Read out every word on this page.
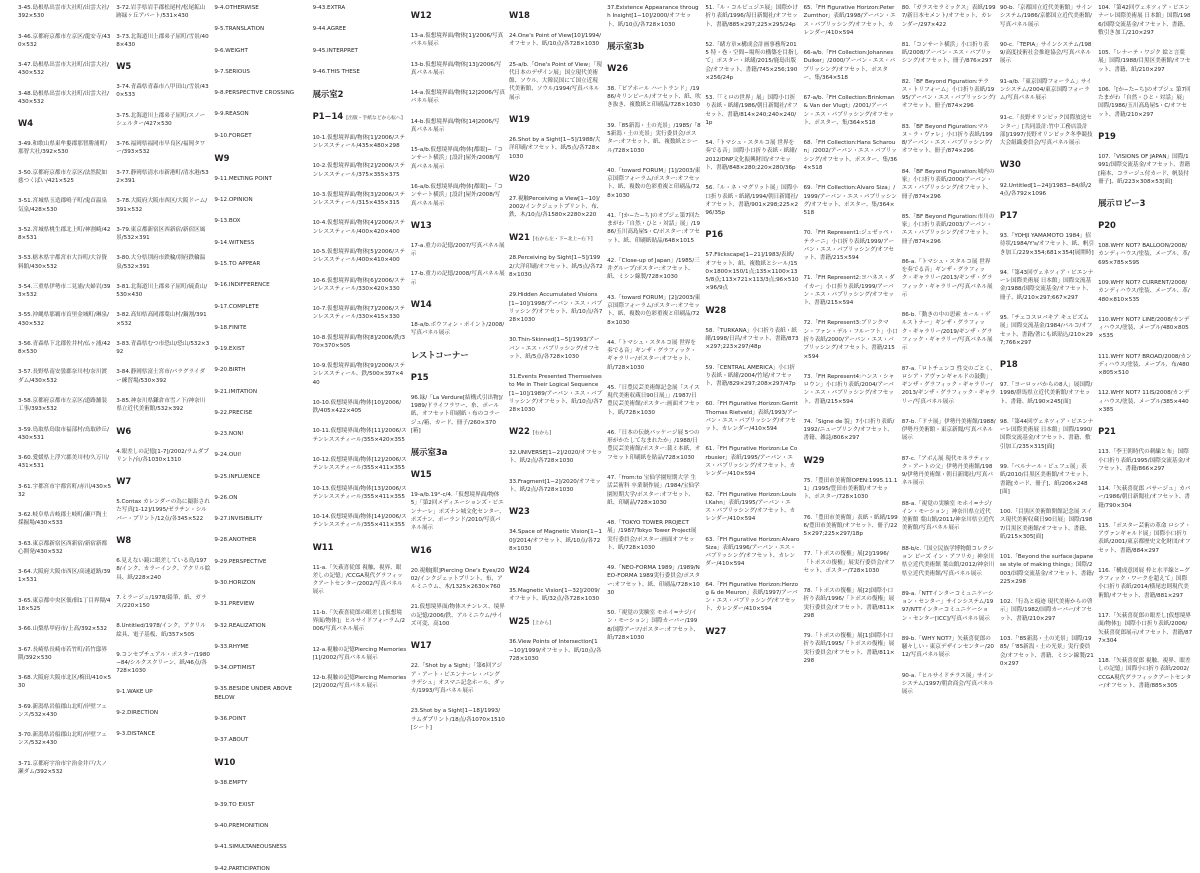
3-45.島根県出雲市大社町/出雲大社/392×530
3-46.京都府京都市左京区/龍安寺/430×532
3-47.島根県出雲市大社町/出雲大社/430×532
3-48.島根県出雲市大社町/出雲大社/430×532
W4
3-49.和歌山県東牟婁郡那智勝浦町/那智大社/392×530
3-50.京都府京都市左京区/法然院如慈つくばい/421×525
3-51.宮城県玉造郡鳴子町/鬼首温泉気泉/428×530
3-52.宮城県桃生郡北上町/神割崎/428×531
3-53.栃木県宇都宮市大谷町/大谷資料館/430×532
3-54.三重県伊勢市二見浦/夫婦岩/393×532
3-55.沖縄県那覇市首里金城町/琳泉/430×532
3-56.青森県下北郡佐井村/仏ヶ浦/428×530
3-57.長野県南安曇郡奈川村/奈川渡ダム/430×532
3-58.京都府京都市左京区/道路舗装工事/393×532
3-59.鳥取県鳥取市福部村/鳥取砂丘/430×531
3-60.愛媛県上浮穴郡美川村/久万川/431×531
3-61.宇都宮市宇都宮町/赤川/430×532
3-62.岐阜県吉岐郡土岐町/瀬戸陶土採掘場/430×533
3-63.東京都新宿区西新宿/新宿新都心開発/430×532
3-64.大阪府大阪市西区/高速道路/391×531
3-65.東京都中央区佃/佃1丁目界隈/418×525
3-66.山梨県甲府市/上高/392×532
3-67.長崎県長崎市若竹町/若竹邸界隈/392×530
3-68.大阪府大阪市北区/梅田/410×530
3-69.新潟県岩船郡山北町/岸壁フェンス/532×430
3-70.新潟県岩船郡山北町/岸壁フェンス/532×430
3-71.京都府宇治市宇治金井戸/大ノ瀬ダム/392×532
3-72.岩手県岩手郡松尾村/松尾鉱山跡緑ヶ丘アパート/531×430
3-73.北海道川上郡弟子屈町/雪景/408×430
W5
3-74.青森県青森市八甲田山/雪景/430×533
3-75.北海道川上郡弟子屈町/スノーシェルター/427×530
3-76.福岡県福岡市早良区/福岡タワー/393×532
3-77.静岡県清水市新港町/清水港/532×391
3-78.大阪府大阪市西区/大阪ドーム/391×532
3-79.東京都新宿区西新宿/新宿区風景/532×391
3-80.大分県別府市鉄輪/別府鉄輪温泉/532×391
3-81.北海道川上郡弟子屈町/硫黄山/530×430
3-82.高知県高岡郡葉山村/鍋割/391×532
3-83.青森県むつ市恐山/恐山/532×392
3-84.静岡県富士宮市/パラグライダー練習場/530×392
3-85.神奈川県鎌倉市雪ノ下/神奈川県立近代美術館/532×392
W6
4.眼差しの記憶[1-7]/2002/ラムダプリント/台/各1030×1310
W7
5.Contax カレンダーの為に撮影された写真[1-12]/1995/ゼラチン・シルバー・プリント/12点/各345×522
W8
6.見えない鏡に眼差している鳥/1978/インク、カラーインク、アクリル絵具、紙/228×240
7.ミラージュ/1978/鉛筆、紙、ガラス/220×150
8.Untitled/1978/インク、アクリル絵具、電子基板、紙/357×505
9.コンセプチュアル・ポスター/1980−84/シルクスクリーン、紙/46点/各728×1030
9-1.WAKE UP
9-2.DIRECTION
9-3.DISTANCE
9-4.OTHERWISE
9-5.TRANSLATION
9-6.WEIGHT
9-7.SERIOUS
9-8.PERSPECTIVE CROSSING
9-9.REASON
9-10.FORGET
W9
9-11.MELTING POINT
9-12.OPINION
9-13.BOX
9-14.WITNESS
9-15.TO APPEAR
9-16.INDIFFERENCE
9-17.COMPLETE
9-18.FINITE
9-19.EXIST
9-20.BIRTH
9-21.IMITATION
9-22.PRECISE
9-23.NON!
9-24.OUI!
9-25.INFLUENCE
9-26.ON
9-27.INVISIBILITY
9-28.ANOTHER
9-29.PERSPECTIVE
9-30.HORIZON
9-31.PREVIEW
9-32.REALIZATION
9-33.RHYME
9-34.OPTIMIST
9-35.BESIDE UNDER ABOVE BELOW
9-36.POINT
9-37.ABOUT
W10
9-38.EMPTY
9-39.TO EXIST
9-40.PREMONITION
9-41.SIMULTANEOUSNESS
9-42.PARTICIPATION
9-43.EXTRA
9-44.AGREE
9-45.INTERPRET
9-46.THIS THESE
展示室2
P1−14 [出版・手紙などから転へ]
10-1.仮想境界面/物体[1]/2006/ステンレススティール/435×480×298
10-2.仮想境界面/物体[2]/2006/ステンレススティール/375×355×375
10-3.仮想境界面/物体[3]/2006/ステンレススティール/315×435×315
10-4.仮想境界面/物体[4]/2006/ステンレススティール/400×420×400
10-5.仮想境界面/物体[5]/2006/ステンレススティール/400×410×400
10-6.仮想境界面/物体[6]/2006/ステンレススティール/330×420×330
10-7.仮想境界面/物体[7]/2006/ステンレススティール/330×415×330
10-8.仮想境界面/物体[8]/2006/鉄/370×370×505
10-9.仮想境界面/物体[9]/2006/ステンレススティール、鉄/500×397×440
10-10.仮想境界面/物体[10]/2006/鉄/405×422×405
10-11.仮想境界面/物体[11]/2006/ステンレススティール/355×420×355
10-12.仮想境界面/物体[12]/2006/ステンレススティール/355×411×355
10-13.仮想境界面/物体[13]/2006/ステンレススティール/355×411×355
10-14.仮想境界面/物体[14]/2006/ステンレススティール/355×411×355
W11
11-a.「矢萩喜従郎 視触、視界、眼差しの記憶」/CCGA現代グラフィックアートセンター/2002/写真パネル展示
11-b.「矢萩喜従郎の眼差し[仮想境界面/物体]」ヒルサイドフォーラム/2006/写真パネル展示
12-a.視触の記憶Piercing Memories[1]/2002/写真パネル展示
12-b.視触の記憶Piercing Memories[2]/2002/写真パネル展示
W12
13-a.仮想境界面/物体[1]/2006/写真パネル展示
13-b.仮想境界面/物体[13]/2006/写真パネル展示
14-a.仮想境界面/物体[12]2006/写真パネル展示
14-b.仮想境界面/物体[14]2006/写真パネル展示
15-a/b.仮想境界面/物体[都眼]−「コンサート横浜」[設計]屋外/2008/写真パネル展示
16-a/b.仮想境界面/物体[都眼]−「コンサート横浜」[設計]屋外/2008/写真パネル展示
W13
17-a.重力の記憶/2007/写真パネル展示
17-b.重力の記憶/2008/写真パネル展示
W14
18-a/b.ボウフォン・ポイント/2008/写真パネル展示
レストコーナー
P15
96.緑/「La Verdure[結構式引出物]/1989/ドライフラワー、糸、ポール紙、オフセット印刷紙・布のコラージュ/箱、カード、冊子/260×370[箱]
展示室3a
W15
19-a/b.19°-c/4.「仮想境界面/物体5」「第2回メディエーションズ・ビエンナーレ」ポズナン城文化センター、ポズナン、ポーランド/2010/写真パネル展示
W16
20.視触[眼]Piercing One's Eyes/2002/インクジェットプリント、布、アルミニウム、木/1325×2630×760
21.仮想境界面/物体ステンレス、境界の記憶/2006/鉄、アルミニウム/サイズ可変、高100
W17
22.「Shot by a Sight」「第6回アジア・アート・ビエンナーレ・バングラデシュ」オスマニ記念ホール、ダッカ/1993/写真パネル展示
23.Shot by a Sight[1−18]/1993/ラムダプリント/18点/各1070×1510[シート]
W18
24.One's Point of View[10]/1994/オフセット、紙/10点/各728×1030
25-a/b.「One's Point of View」「現代日本のデザイン展」国立現代美術館、ソウル、大韓民国にて国立近現代美術館、ソウル/1994/写真パネル展示
W19
26.Shot by a Sight[1−5]/1988/大洋印刷/オフセット、紙/5点/各728×1030
W20
27.視触Perceiving a View[1−10]/2002/インクジェットプリント、布、鉄、木/10点/各1580×2280×220
W21 [右から左・下−北上−右下]
28.Perceiving by Sight[1−5]/1992/大洋印刷/オフセット、紙/5点/各728×1030
29.Hidden Accumulated Visions[1−10]/1998/アーバン・エス・パブリッシング/オフセット、紙/10点/各728×1030
30.Thin-Skinned[1−5]/1993/アーバン・エス・パブリッシング/オフセット、紙/5点/各728×1030
31.Events Presented Themselves to Me in Their Logical Sequence[1−10]/1989/アーバン・エス・パブリッシング/オフセット、紙/10点/各728×1030
W22 [右から]
32.UNIVERSE[1−2]/2020/オフセット、紙/2点/各728×1030
33.Fragment[1−2]/2020/オフセット、紙/2点/各728×1030
W23
34.Space of Magnetic Vision[1−10]/2014/オフセット、紙/10点/各728×1030
W24
35.Magnetic Vision[1−32]/2009/オフセット、紙/32点/各728×1030
W25 [上から]
36.View Points of Intersection[1−10]/1999/オフセット、紙/10点/各728×1030
37.Existence Appearance through Insight[1−10]/2000/オフセット、紙/10点/各728×1030
展示室3b
W26
38.「ピアホール ハートランド」/1986/キリンビール/オフセット、紙、吹き抜き、複数紙と印刷品/728×1030
39.「85新潟・土の光景」/1985/「85新潟・土の光景」実行委員会/ポスター:オフセット、紙、複数紙とシール/728×1030
40.「toward FORUM」[1]/2003/東京国際フォーラム/ポスター:オフセット、紙、複数の色彩重複と印刷品/728×1030
41.「[か−た−ち]のオブジェ第7回たまがわ「自然・ひと・対話」展」/1986/玉川高島屋S・C/ポスター:オフセット、紙、印刷紙貼品/648×1015
42.「Close-up of Japan」/1985/三井グループ/ポスター:オフセット、紙、ミシン線製/728×1030
43.「toward FORUM」[2]/2003/東京国際フォーラム/ポスター:オフセット、紙、複数の色彩重複と印刷品/728×1030
44.「トマシュ・スタルコ展 世界を奏でる音」ギンザ・グラフィック・ギャラリー/ポスター:オフセット、紙/728×1030
45.「日豊民芸美術館記念展「スイス現代美術収蔵日90日展」」/1987/日豊民芸美術館/ポスター:画面オフセット、紙/728×1030
46.「日本の伝統パッケージ展 5つの形がかたしてなまれたか」/1988/日豊民芸美術館/ポスター:裁ミ本紙、オフセット印刷紙を貼品/728×1030
47.「from:to 宝仙学園短期大学 生活芸術科 卒業制作展」/1984/宝仙学園短期大学/ポスター:オフセット、紙、印刷品/728×1030
48.「TOKYO TOWER PROJECT展」/1987/Tokyo Tower Project展実行委員会/ポスター:画面オフセット、紙/728×1030
49.「NEO-FORMA 1989」/1989/NEO-FORMA 1989実行委員会/ポスター:オフセット、紙、印刷品/728×1030
50.「視覚の実験室 モホイ=ナジ/イン・モーション」国際カーバー/1998/国際アーツ/ポスター:オフセット、紙/728×1030
51.「ル・コルビュジエ展」国際かけ折り表紙/1996/毎日新聞社/オフセット、書籍/885×297;225×295/24p
52.「緒方章×構成会計画事務所2015 特・巻・空間−場所の構築を目指して」ポスター・紙緒/2015/鹿島出版会/オフセット、書籍/745×256;190×256/24p
53.「「ミロの世界」展」国際小口折り表紙・紙緒/1986/朝日新聞社/オフセット、書籍/814×240;240×240/1p
54.「トマシュ・スタルコ展 世界を奏でる音」国際小口折り表紙・紙緒/2012/DNP文化振興財団/オフセット、書籍/848×280;220×280/36p
56.「ル・ネ・マグリット展」国際小口折り表紙・紙緒/1994/朝日新聞社/オフセット、書籍/901×298;225×296/35p
P16
57.Flickscape[1−21]/1983/表紙/オフセット、紙、複数紙とシール/150×1800×150/1点;135×1100×135/8点;113×721×113/3点;96×510×96/9点
W28
58.「TURKANA」小口折り表紙・紙緒/1998/日昌/オフセット、書籍/873×297;223×297/48p
59.「CENTRAL AMERICA」小口折り表紙・紙緒/2004/竹尾/オフセット、書籍/829×297;208×297/47p
60.「FH Figurative Horizon:Gerrit Thomas Rietveld」表紙/1993/アーバン・エス・パブリッシング/オフセット、カレンダー/410×594
61.「FH Figurative Horizon:Le Corbusier」表紙/1995/アーバン・エス・パブリッシング/オフセット、カレンダー/410×594
62.「FH Figurative Horizon:Louis I.Kahn」表紙/1995/アーバン・エス・パブリッシング/オフセット、カレンダー/410×594
63.「FH Figurative Horizon:Alvaro Siza」表紙/1996/アーバン・エス・パブリッシング/オフセット、カレンダー/410×594
64.「FH Figurative Horizon:Herzog & de Meuron」表紙/1997/アーバン・エス・パブリッシング/オフセット、カレンダー/410×594
W27
65.「FH Figurative Horizon:Peter Zumthor」表紙/1998/アーバン・エス・パブリッシング/オフセット、カレンダー/410×594
66-a/b.「FH Collection:Johannes Duiker」/2000/アーバン・エス・パブリッシング/オフセット、ポスター、集/364×518
67-a/b.「FH Collection:Brinkman & Van der Vlugt」/2001/アーバン・エス・パブリッシング/オフセット、ポスター、集/364×518
68.「FH Collection:Hans Scharoun」/2002/アーバン・エス・パブリッシング/オフセット、ポスター、集/364×518
69.「FH Collection:Alvaro Siza」/1999/アーバン・エス・パブリッシング/オフセット、ポスター、集/364×518
70.「FH Represent1:ジュゼッペ・テラーニ」小口折り表紙/1999/アーバン・エス・パブリッシング/オフセット、書籍/215×594
71.「FH Represent2:ヨハネス・ダイカー」小口折り表紙/1999/アーバン・エス・パブリッシング/オフセット、書籍/215×594
72.「FH Represent3:ブリンクマン・ファン・デル・フルーフト」小口折り表紙/2000/アーバン・エス・パブリッシング/オフセット、書籍/215×594
73.「FH Represent4:ハンス・シャロウン」小口折り表紙/2004/アーバン・エス・パブリッシング/オフセット、書籍/215×594
74.「Signe de 貌」7小口折り表紙/1992/ニューブリンク/オフセット、書籍、雑誌/806×297
W29
75.「豊田市美術館OPEN:1995.11.11」/1995/豊田市美術館/オフセット、ポスター/728×1030
76.「豊田市美術館」表紙・紙緒/1996/豊田市美術館/オフセット、冊子/225×297;225×297/18p
77.「トポスの復権」展[2]/1996/「トポスの復権」展実行委員会/オフセット、ポスター/728×1030
78.「トポスの復権」展[2]国際小口折り表紙/1996/「トポスの復権」展実行委員会/オフセット、書籍/811×298
79.「トポスの復権」展[1]国際小口折り表紙/1995/「トポスの復権」展実行委員会/オフセット、書籍/811×298
80.「ガラスセラミックス」表紙/1997/新日本セメント/オフセット、カレンダー/297×422
81.「コンサート横浜」小口折り表紙/2008/アーバン・エス・パブリッシング/オフセット、冊子/876×297
82.「BF Beyond Figuration:テラス・トリフォーム」小口折り表紙/1995/アーバン・エス・パブリッシング/オフセット、冊子/874×296
83.「BF Beyond Figuration:マルヌ・ラ・ヴァレ」小口折り表紙/1998/アーバン・エス・パブリッシング/オフセット、冊子/874×296
84.「BF Beyond Figuration:城内の家」小口折り表紙/2000/アーバン・エス・パブリッシング/オフセット、冊子/874×296
85.「BF Beyond Figuration:市川の家」小口折り表紙/2003/アーバン・エス・パブリッシング/オフセット、冊子/874×296
86-a.「トマシュ・スタルコ展 世界を奏でる音」ギンザ・グラフィック・ギャラリー/2013/ギンザ・グラフィック・ギャラリー/写真パネル展示
86-b.「動きの中の思索 カール・ゲルストナー」ギンザ・グラフィック・ギャラリー/2019/ギンザ・グラフィック・ギャラリー/写真パネル展示
87-a.「ロトチェンコ 性交のごとく、ロシア・アヴァンギャルドの鼓動」ギンザ・グラフィック・ギャラリー/2013/ギンザ・グラフィック・ギャラリー/写真パネル展示
87-b.「ドナ展」伊勢丹美術館/1988/伊勢丹美術館・東京新聞/写真パネル展示
87-c.「アボん展 現代モネラティック・アートの父」伊勢丹美術館/1989/伊勢丹美術館・朝日新聞社/写真パネル展示
88-a.「視覚の実験室 モホイ=ナジ/イン・モーション」神奈川県立近代美術館 葉山館/2011/神奈川県立近代美術館/写真パネル展示
88-b/c.「国立民族学博物館コレクション ビーズ イン・アフリカ」神奈川県立近代美術館 葉山館/2012/神奈川県立近代美術館/写真パネル展示
89-a.「NTTインターコミュニケーション・センター」サインシステム/1997/NTTインターコミュニケーション・センター[ICC]/写真パネル展示
89-b.「WHY NOT?」矢萩喜従郎の騒々しい・東京デザインセンター/2012/写真パネル展示
90-a.「ヒルサイドテラス展」サインシステム/1997/朝倉商会/写真パネル展示
90-b.「京都国立近代美術館」サインシステム/1986/京都国立近代美術館/写真パネル展示
90-c.「TEPIA」サインシステム/1989/高度技術社会推進協会/写真パネル展示
91-a/b.「東京国際フォーラム」サインシステム/2004/東京国際フォーラム/写真パネル展示
91-c.「長野オリンピック国際放送センター」[共同設計:竹中工務店設計部]/1997/長野オリンピック冬季競技大会組織委員会/写真パネル展示
W30
92.Untitled[1−24]/1983−84/紙/24点/各792×1096
P17
93.「YOHJI YAMAMOTO 1984」招待状/1984/Y's/オフセット、紙、帆引き加工/229×354;681×354[展開時]
94.「第43回ヴェネツィア・ビエンナーレ国際美術展 日本館」国際交流基金/1988/国際交流基金/オフセット、冊子、紙/210×297;667×297
95.「チェコスロバキア キュビズム展」国際交流基金/1984/パルコ/オフセット、書籍/著にも紙貼込/210×297;766×297
P18
97.「ヨーロッパからの8人」展国際/1998/群馬県立近代美術館/オフセット、書籍、紙/190×245[面]
98.「第44回ヴェネツィア・ビエンナーレ国際美術展 日本館」国際/1990/国際交流基金/オフセット、書籍、敷引加工/235×315[面]
99.「ベルナール・ビュフェ展」表紙/2010/目黒区美術館/オフセット、書籍[カード、冊子]、紙/206×248[面]
100.「目黒区美術館開館記念展 スイス現代美術収蔵日90日展」国際/1987/目黒区美術館/オフセット、書籍、紙/215×305[面]
101.「Beyond the surface:Japanese style of making things」国際/2003/国際交流基金/オフセット、書籍/225×298
102.「行為と痕迹 現代美術からの啓示」国際/1982/国際カーバー/オフセット、書籍/210×297
103.「'85新潟・土の光景」国際/1985/「'85新潟・土の光景」実行委員会/オフセット、書籍、ミシン線製/210×297
104.「第42回ヴェネツィア・ビエンナーレ国際美術展 日本館」国際/1986/国際交流基金/オフセット、書籍、敷引き加工/210×297
105.「レナーテ・ワジク 絵と言葉展」国際/1988/目黒区美術館/オフセット、書籍、紙/210×297
106.「[か−た−ち]のオブジェ 第7回たまがわ「自然・ひと・対話」展」国際/1986/玉川高島屋S・C/オフセット、書籍/210×297
P19
107.「VISIONS OF JAPAN」国際/1991/国際交流基金/オフセット、書籍[箱本、コラージュ付カード、帆装付冊子]、紙/223×308×53[面]
展示ロビー3
P20
108.WHY NOT? BALLOON/2008/カンディハウス/塗装、メープル、革/695×785×595
109.WHY NOT? CURRENT/2008/カンディハウス/塗装、メープル、革/480×810×535
110.WHY NOT? LINE/2008/カンディハウス/塗装、メープル/480×805×535
111.WHY NOT? BROAD/2008/カンディハウス/塗装、メープル、布/480×805×510
112.WHY NOT? 11IS/2008/カンディハウス/塗装、メープル/385×440×385
P21
113.「李王朝時代の刺繍と布」国際小口折り表紙/1995/国際交流基金/オフセット、書籍/866×297
114.「矢萩喜従郎 パサージュ」カバー/1986/朝日新聞社/オフセット、書籍/790×304
115.「ポスター芸術の革命 ロシア・アヴァンギャルド展」国際小口折り表紙/2001/東京都歴史文化財団/オフセット、書籍/884×297
116.「構成意図展 枠と水平線と−グラフィック・ワークを超えて」国際小口折り表紙/2014/横尾忠則現代美術館/オフセット、書籍/881×297
117.「矢萩喜従郎の眼差し[仮想境界面/物体]」国際小口折り表紙/2006/矢萩喜従郎展示/オフセット、書籍/877×304
118.「矢萩喜従郎 視触、視界、眼差しの記憶」国際小口折り表紙/2002/CCGA現代グラフィックアートセンター/オフセット、書籍/885×305
